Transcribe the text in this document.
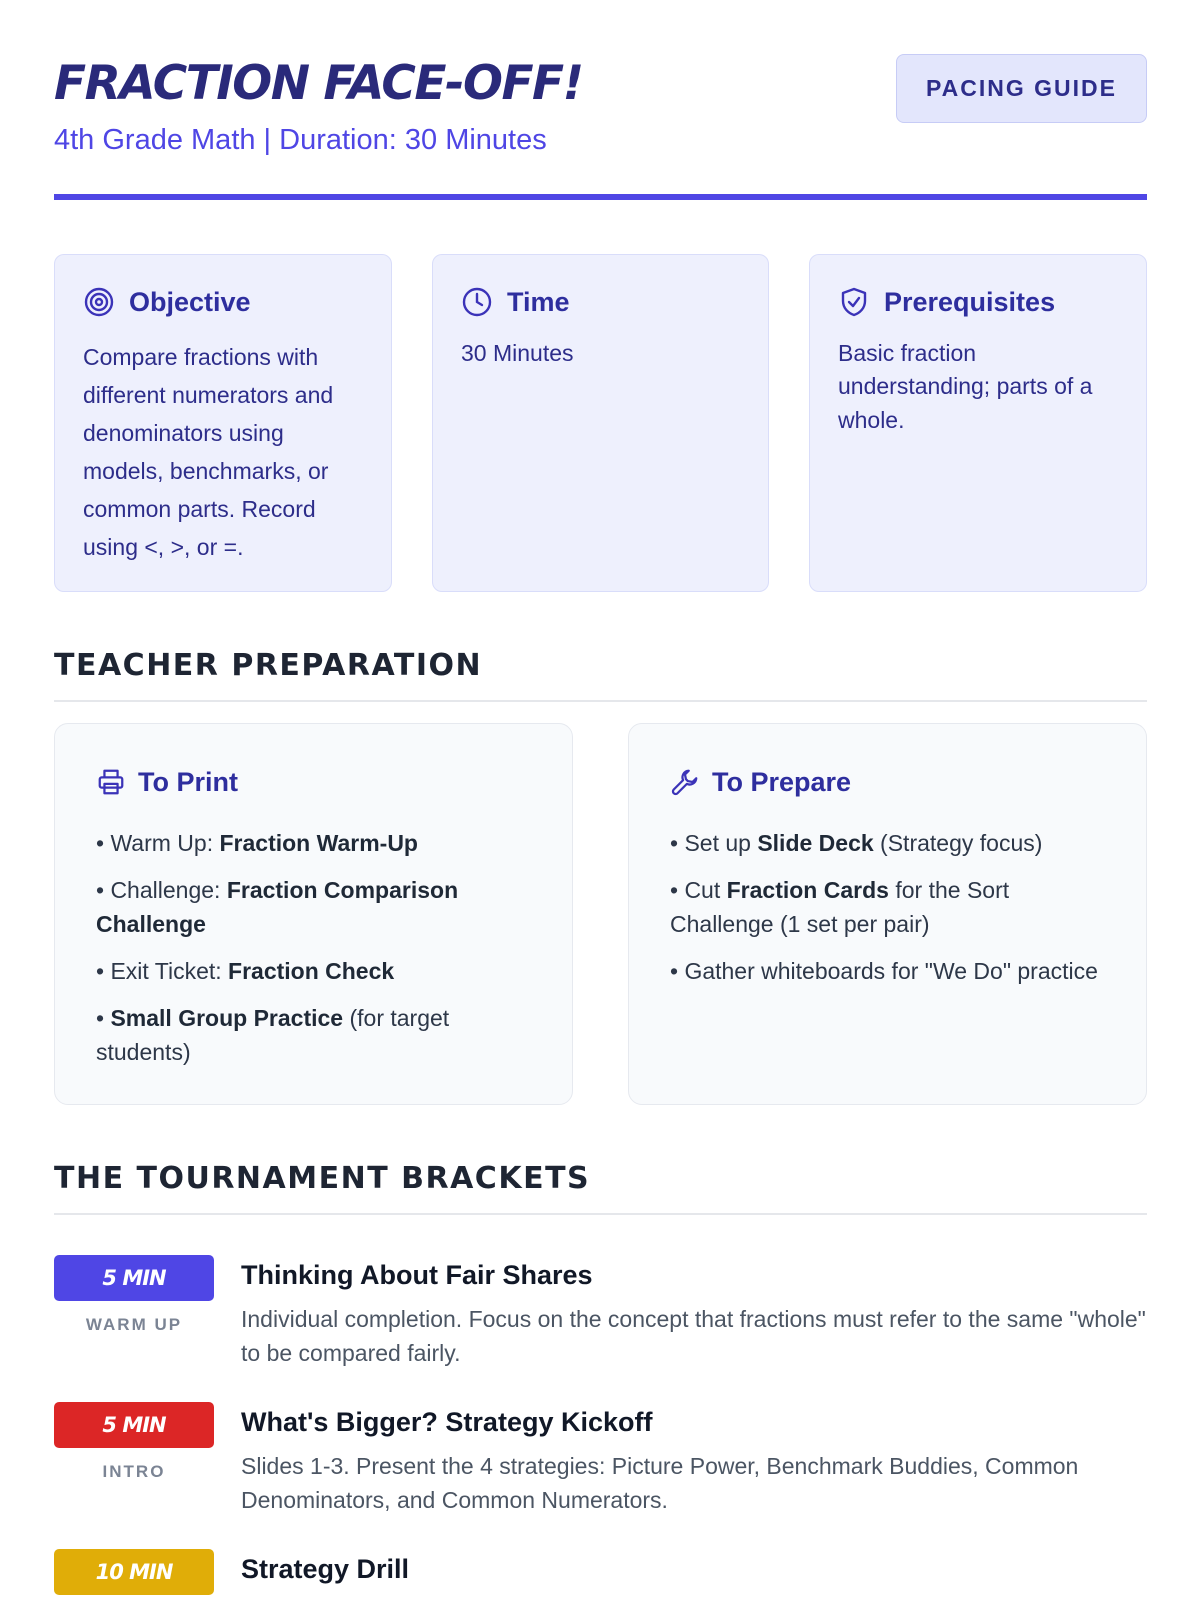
FRACTION FACE-OFF!
4th Grade Math | Duration: 30 Minutes
PACING GUIDE
Objective
Compare fractions with different numerators and denominators using models, benchmarks, or common parts. Record using <, >, or =.
Time
30 Minutes
Prerequisites
Basic fraction understanding; parts of a whole.
TEACHER PREPARATION
To Print
• Warm Up: Fraction Warm-Up
• Challenge: Fraction Comparison Challenge
• Exit Ticket: Fraction Check
• Small Group Practice (for target students)
To Prepare
• Set up Slide Deck (Strategy focus)
• Cut Fraction Cards for the Sort Challenge (1 set per pair)
• Gather whiteboards for "We Do" practice
THE TOURNAMENT BRACKETS
5 MIN
WARM UP
Thinking About Fair Shares
Individual completion. Focus on the concept that fractions must refer to the same "whole" to be compared fairly.
5 MIN
INTRO
What's Bigger? Strategy Kickoff
Slides 1-3. Present the 4 strategies: Picture Power, Benchmark Buddies, Common Denominators, and Common Numerators.
10 MIN	Strategy Drill
